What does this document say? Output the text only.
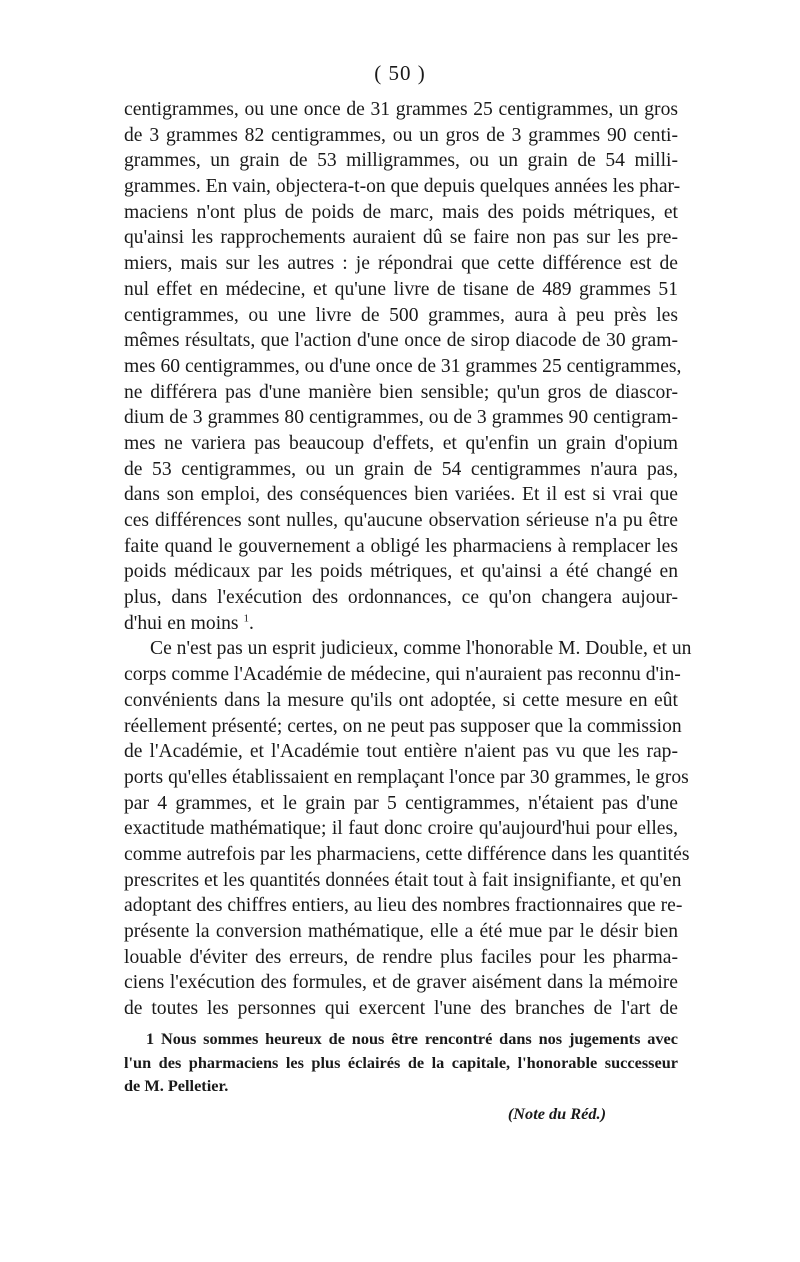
( 50 )
centigrammes, ou une once de 31 grammes 25 centigrammes, un gros
de 3 grammes 82 centigrammes, ou un gros de 3 grammes 90 centi-
grammes, un grain de 53 milligrammes, ou un grain de 54 milli-
grammes. En vain, objectera-t-on que depuis quelques années les phar-
maciens n'ont plus de poids de marc, mais des poids métriques, et
qu'ainsi les rapprochements auraient dû se faire non pas sur les pre-
miers, mais sur les autres : je répondrai que cette différence est de
nul effet en médecine, et qu'une livre de tisane de 489 grammes 51
centigrammes, ou une livre de 500 grammes, aura à peu près les
mêmes résultats, que l'action d'une once de sirop diacode de 30 gram-
mes 60 centigrammes, ou d'une once de 31 grammes 25 centigrammes,
ne différera pas d'une manière bien sensible; qu'un gros de diascor-
dium de 3 grammes 80 centigrammes, ou de 3 grammes 90 centigram-
mes ne variera pas beaucoup d'effets, et qu'enfin un grain d'opium
de 53 centigrammes, ou un grain de 54 centigrammes n'aura pas,
dans son emploi, des conséquences bien variées. Et il est si vrai que
ces différences sont nulles, qu'aucune observation sérieuse n'a pu être
faite quand le gouvernement a obligé les pharmaciens à remplacer les
poids médicaux par les poids métriques, et qu'ainsi a été changé en
plus, dans l'exécution des ordonnances, ce qu'on changera aujour-
d'hui en moins $^1$.
Ce n'est pas un esprit judicieux, comme l'honorable M. Double, et un
corps comme l'Académie de médecine, qui n'auraient pas reconnu d'in-
convénients dans la mesure qu'ils ont adoptée, si cette mesure en eût
réellement présenté; certes, on ne peut pas supposer que la commission
de l'Académie, et l'Académie tout entière n'aient pas vu que les rap-
ports qu'elles établissaient en remplaçant l'once par 30 grammes, le gros
par 4 grammes, et le grain par 5 centigrammes, n'étaient pas d'une
exactitude mathématique; il faut donc croire qu'aujourd'hui pour elles,
comme autrefois par les pharmaciens, cette différence dans les quantités
prescrites et les quantités données était tout à fait insignifiante, et qu'en
adoptant des chiffres entiers, au lieu des nombres fractionnaires que re-
présente la conversion mathématique, elle a été mue par le désir bien
louable d'éviter des erreurs, de rendre plus faciles pour les pharma-
ciens l'exécution des formules, et de graver aisément dans la mémoire
de toutes les personnes qui exercent l'une des branches de l'art de
1 Nous sommes heureux de nous être rencontré dans nos jugements avec
l'un des pharmaciens les plus éclairés de la capitale, l'honorable successeur
de M. Pelletier.
(Note du Réd.)
